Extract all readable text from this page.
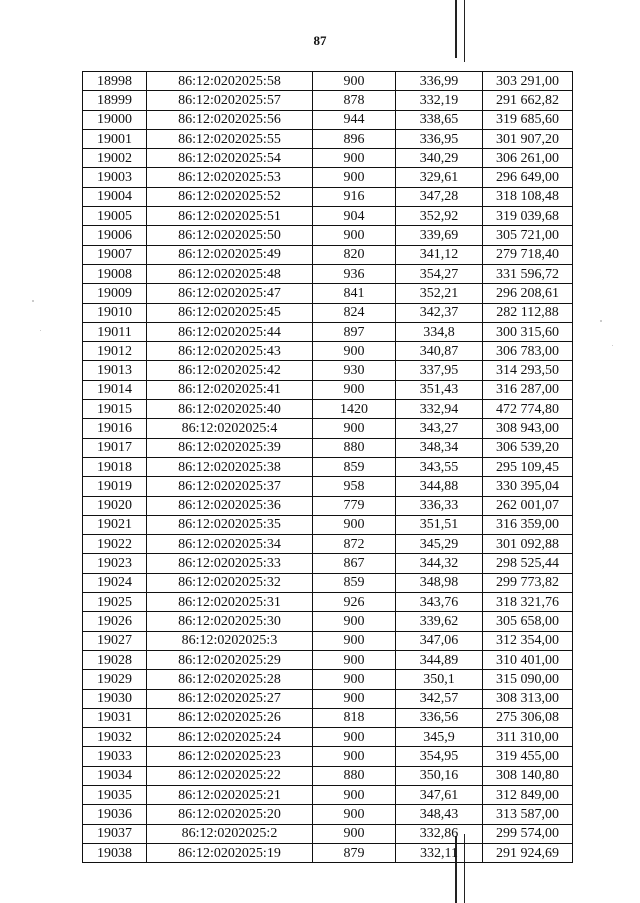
87
18998	86:12:0202025:58	900	336,99	303 291,00
18999	86:12:0202025:57	878	332,19	291 662,82
19000	86:12:0202025:56	944	338,65	319 685,60
19001	86:12:0202025:55	896	336,95	301 907,20
19002	86:12:0202025:54	900	340,29	306 261,00
19003	86:12:0202025:53	900	329,61	296 649,00
19004	86:12:0202025:52	916	347,28	318 108,48
19005	86:12:0202025:51	904	352,92	319 039,68
19006	86:12:0202025:50	900	339,69	305 721,00
19007	86:12:0202025:49	820	341,12	279 718,40
19008	86:12:0202025:48	936	354,27	331 596,72
19009	86:12:0202025:47	841	352,21	296 208,61
19010	86:12:0202025:45	824	342,37	282 112,88
19011	86:12:0202025:44	897	334,8	300 315,60
19012	86:12:0202025:43	900	340,87	306 783,00
19013	86:12:0202025:42	930	337,95	314 293,50
19014	86:12:0202025:41	900	351,43	316 287,00
19015	86:12:0202025:40	1420	332,94	472 774,80
19016	86:12:0202025:4	900	343,27	308 943,00
19017	86:12:0202025:39	880	348,34	306 539,20
19018	86:12:0202025:38	859	343,55	295 109,45
19019	86:12:0202025:37	958	344,88	330 395,04
19020	86:12:0202025:36	779	336,33	262 001,07
19021	86:12:0202025:35	900	351,51	316 359,00
19022	86:12:0202025:34	872	345,29	301 092,88
19023	86:12:0202025:33	867	344,32	298 525,44
19024	86:12:0202025:32	859	348,98	299 773,82
19025	86:12:0202025:31	926	343,76	318 321,76
19026	86:12:0202025:30	900	339,62	305 658,00
19027	86:12:0202025:3	900	347,06	312 354,00
19028	86:12:0202025:29	900	344,89	310 401,00
19029	86:12:0202025:28	900	350,1	315 090,00
19030	86:12:0202025:27	900	342,57	308 313,00
19031	86:12:0202025:26	818	336,56	275 306,08
19032	86:12:0202025:24	900	345,9	311 310,00
19033	86:12:0202025:23	900	354,95	319 455,00
19034	86:12:0202025:22	880	350,16	308 140,80
19035	86:12:0202025:21	900	347,61	312 849,00
19036	86:12:0202025:20	900	348,43	313 587,00
19037	86:12:0202025:2	900	332,86	299 574,00
19038	86:12:0202025:19	879	332,11	291 924,69
